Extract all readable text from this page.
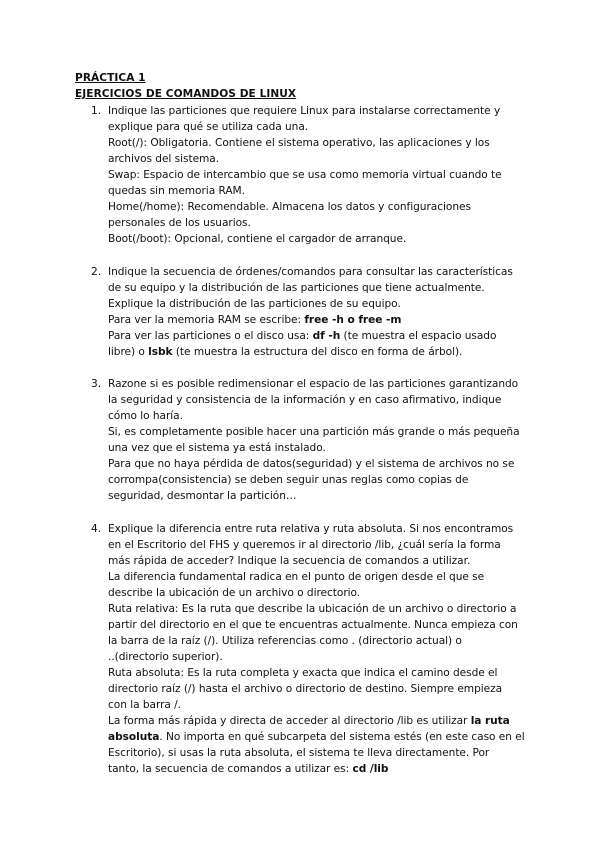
PRÁCTICA 1
EJERCICIOS DE COMANDOS DE LINUX
1. Indique las particiones que requiere Linux para instalarse correctamente y
explique para qué se utiliza cada una.
Root(/): Obligatoria. Contiene el sistema operativo, las aplicaciones y los
archivos del sistema.
Swap: Espacio de intercambio que se usa como memoria virtual cuando te
quedas sin memoria RAM.
Home(/home): Recomendable. Almacena los datos y configuraciones
personales de los usuarios.
Boot(/boot): Opcional, contiene el cargador de arranque.
2. Indique la secuencia de órdenes/comandos para consultar las características
de su equipo y la distribución de las particiones que tiene actualmente.
Explique la distribución de las particiones de su equipo.
Para ver la memoria RAM se escribe: free -h o free -m
Para ver las particiones o el disco usa: df -h (te muestra el espacio usado
libre) o lsbk (te muestra la estructura del disco en forma de árbol).
3. Razone si es posible redimensionar el espacio de las particiones garantizando
la seguridad y consistencia de la información y en caso afirmativo, indique
cómo lo haría.
Si, es completamente posible hacer una partición más grande o más pequeña
una vez que el sistema ya está instalado.
Para que no haya pérdida de datos(seguridad) y el sistema de archivos no se
corrompa(consistencia) se deben seguir unas reglas como copias de
seguridad, desmontar la partición…
4. Explique la diferencia entre ruta relativa y ruta absoluta. Si nos encontramos
en el Escritorio del FHS y queremos ir al directorio /lib, ¿cuál sería la forma
más rápida de acceder? Indique la secuencia de comandos a utilizar.
La diferencia fundamental radica en el punto de origen desde el que se
describe la ubicación de un archivo o directorio.
Ruta relativa: Es la ruta que describe la ubicación de un archivo o directorio a
partir del directorio en el que te encuentras actualmente. Nunca empieza con
la barra de la raíz (/). Utiliza referencias como . (directorio actual) o
..(directorio superior).
Ruta absoluta: Es la ruta completa y exacta que indica el camino desde el
directorio raíz (/) hasta el archivo o directorio de destino. Siempre empieza
con la barra /.
La forma más rápida y directa de acceder al directorio /lib es utilizar la ruta
absoluta. No importa en qué subcarpeta del sistema estés (en este caso en el
Escritorio), si usas la ruta absoluta, el sistema te lleva directamente. Por
tanto, la secuencia de comandos a utilizar es: cd /lib
